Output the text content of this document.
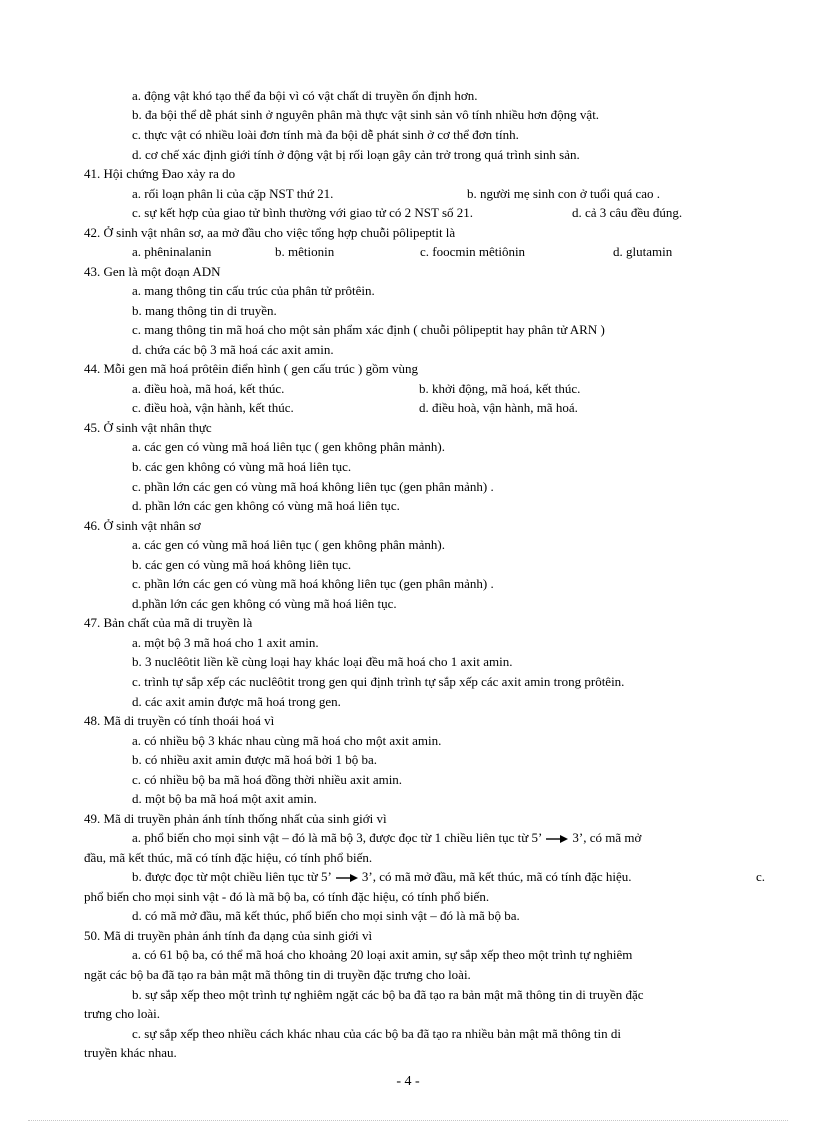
a. động vật khó tạo thể đa bội vì có vật chất di truyền ổn định hơn.
b. đa bội thể dễ phát sinh ở nguyên phân mà thực vật sinh sản vô tính nhiều hơn động vật.
c. thực vật có nhiều loài đơn tính mà đa bội dễ phát sinh ở cơ thể đơn tính.
d. cơ chế xác định giới tính ở động vật bị rối loạn gây cản trở trong quá trình sinh sản.
41. Hội chứng Đao xảy ra do
a. rối loạn phân li của cặp NST thứ 21.	b. người mẹ sinh con ở tuổi quá cao .
c. sự kết hợp của giao tử bình thường với giao tử có 2 NST số 21.	d. cả 3 câu đều đúng.
42. Ở sinh vật nhân sơ, aa mở đầu cho việc tổng hợp chuỗi pôlipeptit là
a. phêninalanin	b. mêtionin	c. foocmin mêtiônin	d. glutamin
43. Gen là một đoạn ADN
a. mang thông tin cấu trúc của phân tử prôtêin.
b. mang thông tin di truyền.
c. mang thông tin mã hoá cho một sản phẩm xác định ( chuỗi pôlipeptit hay phân tử ARN )
d. chứa các bộ 3 mã hoá các axit amin.
44. Mỗi gen mã hoá prôtêin điển hình ( gen cấu trúc ) gồm vùng
a. điều hoà, mã hoá, kết thúc.	b. khởi động, mã hoá, kết thúc.
c. điều hoà, vận hành, kết thúc.	d. điều hoà, vận hành, mã hoá.
45. Ở sinh vật nhân thực
a. các gen có vùng mã hoá liên tục ( gen không phân mảnh).
b. các gen không có vùng mã hoá liên tục.
c. phần lớn các gen có vùng mã hoá không liên tục (gen phân mảnh) .
d. phần lớn các gen không có vùng mã hoá liên tục.
46. Ở sinh vật nhân sơ
a. các gen có vùng mã hoá liên tục ( gen không phân mảnh).
b. các gen có vùng mã hoá không liên tục.
c. phần lớn các gen có vùng mã hoá không liên tục (gen phân mảnh) .
d.phần lớn các gen không có vùng mã hoá liên tục.
47. Bản chất của mã di truyền là
a. một bộ 3 mã hoá cho 1 axit amin.
b. 3 nuclêôtit liền kề cùng loại hay khác loại đều mã hoá cho 1 axit amin.
c. trình tự sắp xếp các nuclêôtit trong gen qui định trình tự sắp xếp các axit amin trong prôtêin.
d. các axit amin được mã hoá trong gen.
48. Mã di truyền có tính thoái hoá vì
a. có nhiều bộ 3 khác nhau cùng mã hoá cho một axit amin.
b. có nhiều axit amin được mã hoá bởi 1 bộ ba.
c. có nhiều bộ ba mã hoá đồng thời nhiều axit amin.
d. một bộ ba mã hoá một axit amin.
49. Mã di truyền phản ánh tính thống nhất của sinh giới vì
a. phổ biến cho mọi sinh vật – đó là mã bộ 3, được đọc từ 1 chiều liên tục từ 5’ 3’, có mã mở
đầu, mã kết thúc, mã có tính đặc hiệu, có tính phổ biến.
b. được đọc từ một chiều liên tục từ 5’ 3’, có mã mở đầu, mã kết thúc, mã có tính đặc hiệu.	c.
phổ biến cho mọi sinh vật - đó là mã bộ ba, có tính đặc hiệu, có tính phổ biến.
d. có mã mở đầu, mã kết thúc, phổ biến cho mọi sinh vật – đó là mã bộ ba.
50. Mã di truyền phản ánh tính đa dạng của sinh giới vì
a. có 61 bộ ba, có thể mã hoá cho khoảng 20 loại axit amin, sự sắp xếp theo một trình tự nghiêm
ngặt các bộ ba đã tạo ra bản mật mã thông tin di truyền đặc trưng cho loài.
b. sự sắp xếp theo một trình tự nghiêm ngặt các bộ ba đã tạo ra bản mật mã thông tin di truyền đặc
trưng cho loài.
c. sự sắp xếp theo nhiều cách khác nhau của các bộ ba đã tạo ra nhiều bản mật mã thông tin di
truyền khác nhau.
- 4 -
